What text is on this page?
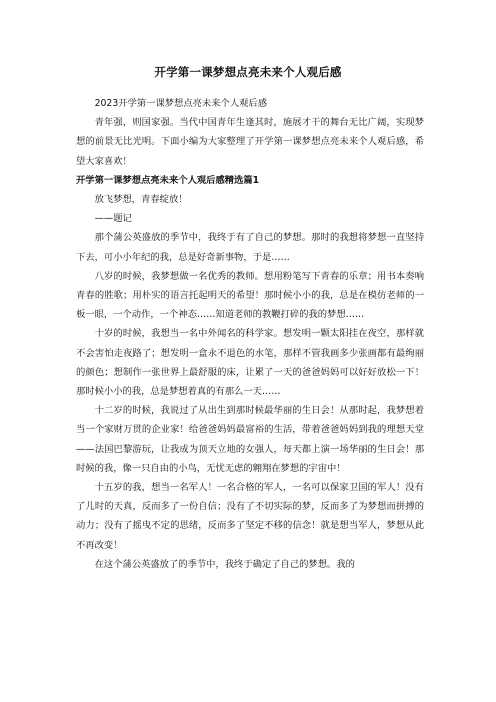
开学第一课梦想点亮未来个人观后感

2023开学第一课梦想点亮未来个人观后感

青年强，则国家强。当代中国青年生逢其时，施展才干的舞台无比广阔，实现梦想的前景无比光明。下面小编为大家整理了开学第一课梦想点亮未来个人观后感，希望大家喜欢！

开学第一课梦想点亮未来个人观后感精选篇1

放飞梦想，青春绽放！

——题记

那个蒲公英盛放的季节中，我终于有了自己的梦想。那时的我想将梦想一直坚持下去，可小小年纪的我，总是好奇新事物，于是……

八岁的时候，我梦想做一名优秀的教师。想用粉笔写下青春的乐章；用书本奏响青春的胜歌；用朴实的语言托起明天的希望！那时候小小的我，总是在模仿老师的一板一眼，一个动作，一个神态……知道老师的教鞭打碎的我的梦想……

十岁的时候，我想当一名中外闻名的科学家。想发明一颗太阳挂在夜空，那样就不会害怕走夜路了；想发明一盒永不退色的水笔，那样不管我画多少张画都有最绚丽的颜色；想制作一张世界上最舒服的床，让累了一天的爸爸妈妈可以好好放松一下！那时候小小的我，总是梦想着真的有那么一天……

十二岁的时候，我说过了从出生到那时候最华丽的生日会！从那时起，我梦想着当一个家财万贯的企业家！给爸爸妈妈最富裕的生活，带着爸爸妈妈到我的理想天堂——法国巴黎游玩，让我成为顶天立地的女强人，每天都上演一场华丽的生日会！那时候的我，像一只自由的小鸟，无忧无虑的翱翔在梦想的宇宙中！

十五岁的我，想当一名军人！一名合格的军人，一名可以保家卫国的军人！没有了儿时的天真，反而多了一份自信；没有了不切实际的梦，反而多了为梦想而拼搏的动力；没有了摇曳不定的思绪，反而多了坚定不移的信念！就是想当军人，梦想从此不再改变！

在这个蒲公英盛放了的季节中，我终于确定了自己的梦想。我的
